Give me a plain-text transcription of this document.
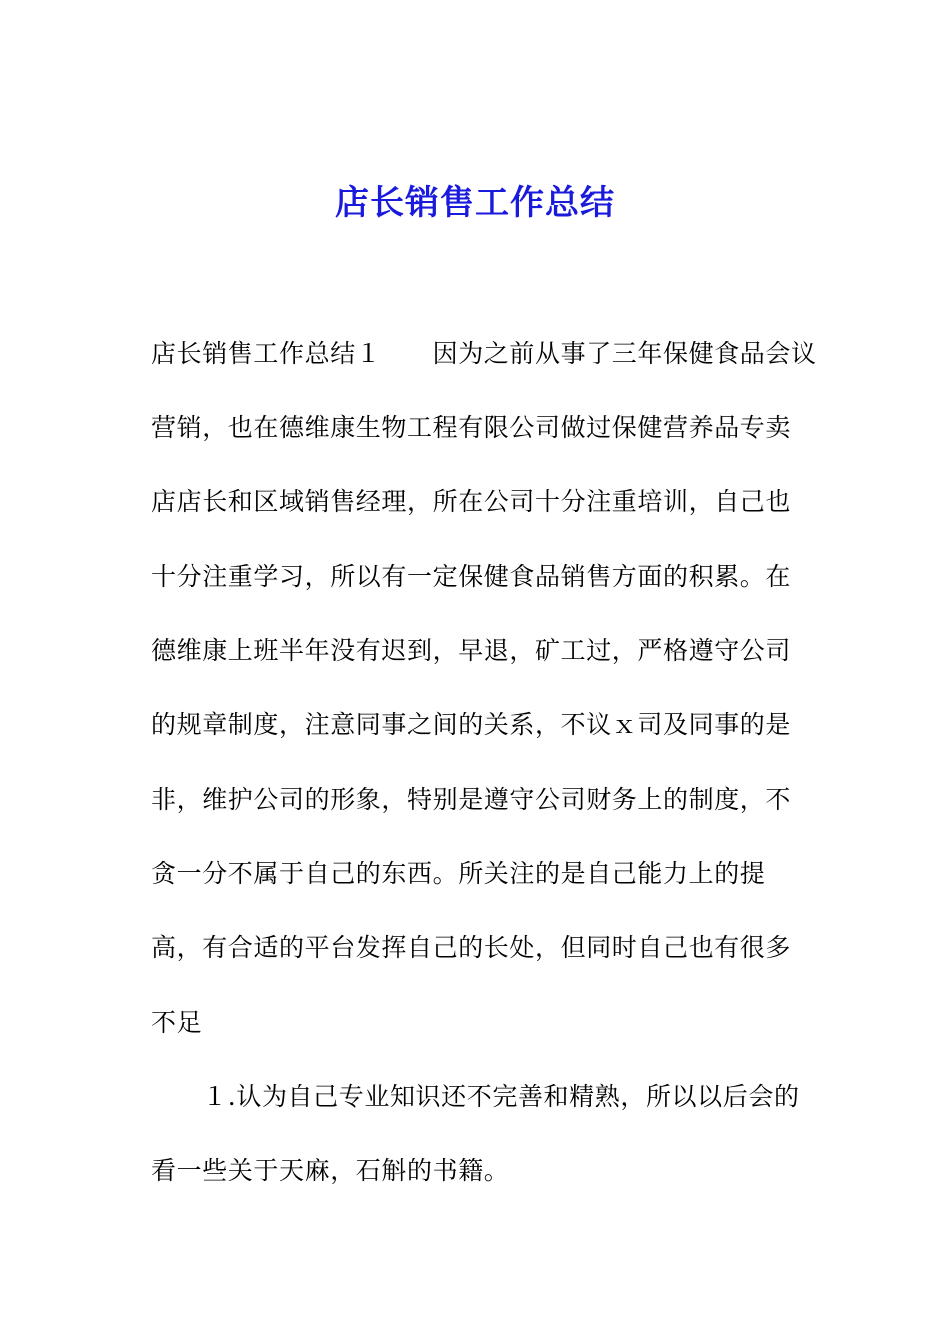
店长销售工作总结
店长销售工作总结１　　因为之前从事了三年保健食品会议
营销，也在德维康生物工程有限公司做过保健营养品专卖
店店长和区域销售经理，所在公司十分注重培训，自己也
十分注重学习，所以有一定保健食品销售方面的积累。在
德维康上班半年没有迟到，早退，矿工过，严格遵守公司
的规章制度，注意同事之间的关系，不议ｘ司及同事的是
非，维护公司的形象，特别是遵守公司财务上的制度，不
贪一分不属于自己的东西。所关注的是自己能力上的提
高，有合适的平台发挥自己的长处，但同时自己也有很多
不足
　　１.认为自己专业知识还不完善和精熟，所以以后会的
看一些关于天麻，石斛的书籍。
